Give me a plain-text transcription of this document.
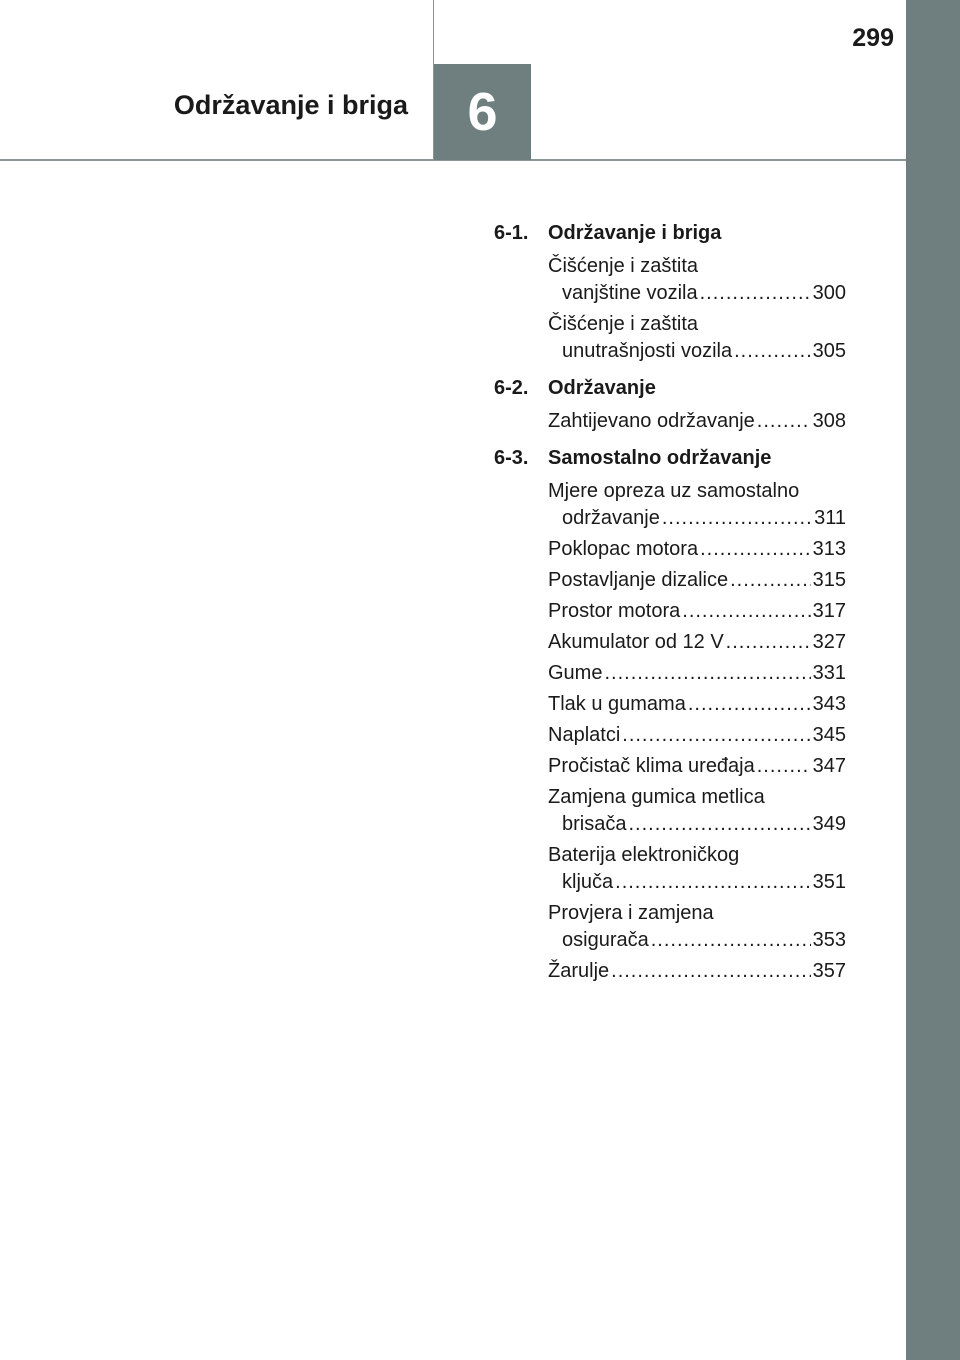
299
Održavanje i briga	6
6-1. Održavanje i briga
Čišćenje i zaštita
vanjštine vozila .....	300
Čišćenje i zaštita
unutrašnjosti vozila .....	305
6-2. Održavanje
Zahtijevano održavanje .....	308
6-3. Samostalno održavanje
Mjere opreza uz samostalno
održavanje .....	311
Poklopac motora .....	313
Postavljanje dizalice .....	315
Prostor motora .....	317
Akumulator od 12 V .....	327
Gume .....	331
Tlak u gumama .....	343
Naplatci .....	345
Pročistač klima uređaja .....	347
Zamjena gumica metlica
brisača .....	349
Baterija elektroničkog
ključa .....	351
Provjera i zamjena
osigurača .....	353
Žarulje .....	357
